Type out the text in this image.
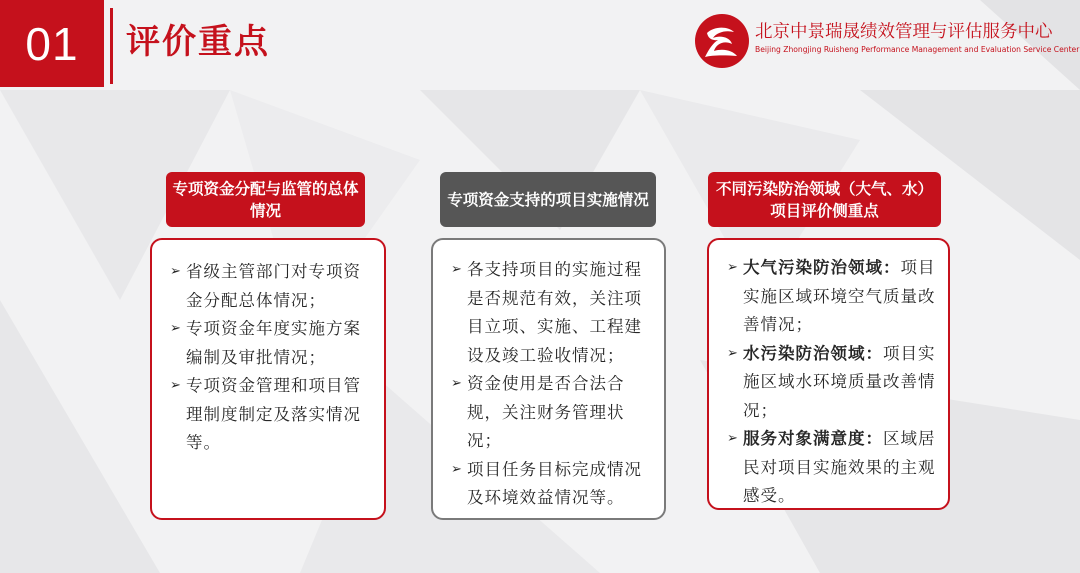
01	评价重点	北京中景瑞晟绩效管理与评估服务中心
Beijing Zhongjing Ruisheng Performance Management and Evaluation Service Center
专项资金分配与监管的总体情况
➢ 省级主管部门对专项资金分配总体情况；
➢ 专项资金年度实施方案编制及审批情况；
➢ 专项资金管理和项目管理制度制定及落实情况等。
专项资金支持的项目实施情况
➢ 各支持项目的实施过程是否规范有效，关注项目立项、实施、工程建设及竣工验收情况；
➢ 资金使用是否合法合规，关注财务管理状况；
➢ 项目任务目标完成情况及环境效益情况等。
不同污染防治领域（大气、水）项目评价侧重点
➢ 大气污染防治领域：项目实施区域环境空气质量改善情况；
➢ 水污染防治领域：项目实施区域水环境质量改善情况；
➢ 服务对象满意度：区域居民对项目实施效果的主观感受。
